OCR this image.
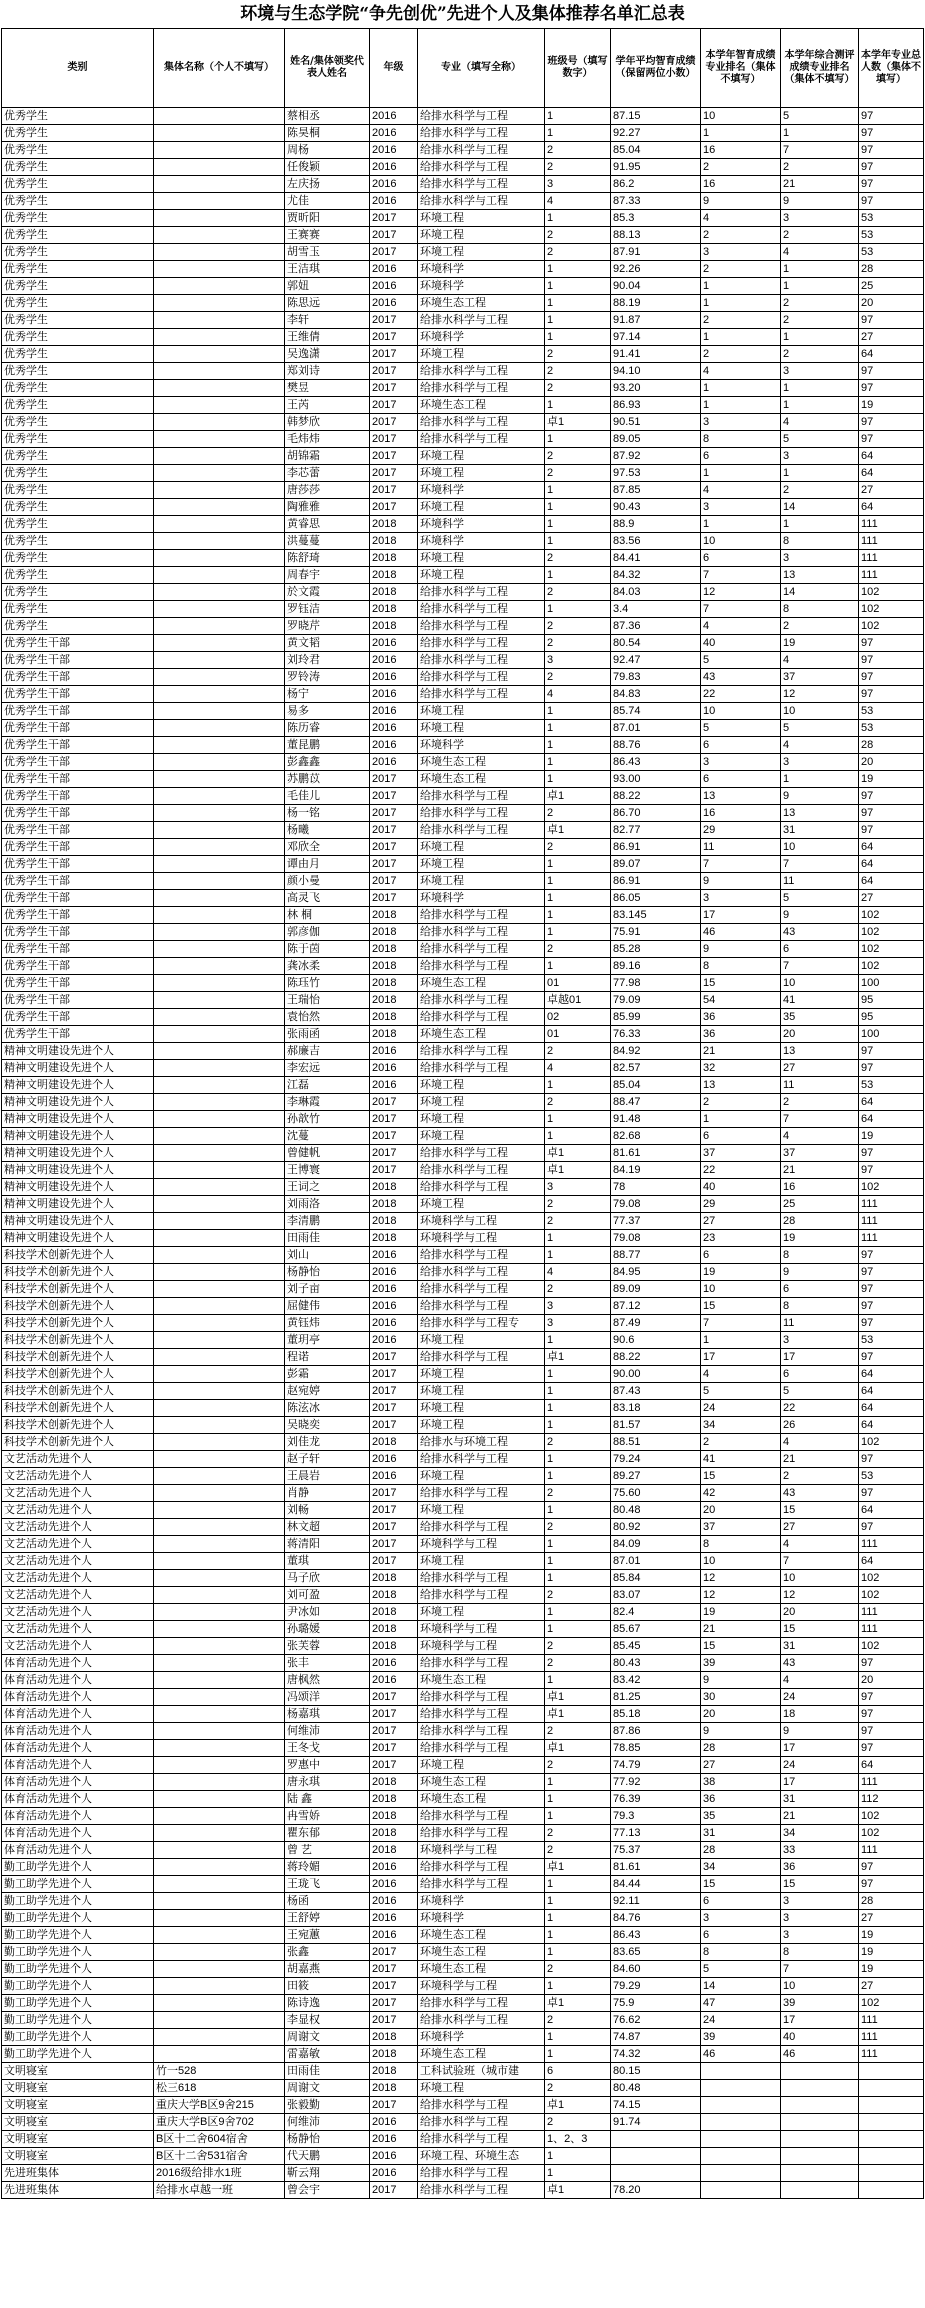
环境与生态学院“争先创优”先进个人及集体推荐名单汇总表
类别	集体名称（个人不填写）	姓名/集体领奖代表人姓名	年级	专业（填写全称）	班级号（填写数字）	学年平均智育成绩（保留两位小数）	本学年智育成绩专业排名（集体不填写）	本学年综合测评成绩专业排名（集体不填写）	本学年专业总人数（集体不填写）
优秀学生		蔡相丞	2016	给排水科学与工程	1	87.15	10	5	97
优秀学生		陈昊桐	2016	给排水科学与工程	1	92.27	1	1	97
优秀学生		周杨	2016	给排水科学与工程	2	85.04	16	7	97
优秀学生		任俊颖	2016	给排水科学与工程	2	91.95	2	2	97
优秀学生		左庆扬	2016	给排水科学与工程	3	86.2	16	21	97
优秀学生		尤佳	2016	给排水科学与工程	4	87.33	9	9	97
优秀学生		贾昕阳	2017	环境工程	1	85.3	4	3	53
优秀学生		王赛赛	2017	环境工程	2	88.13	2	2	53
优秀学生		胡雪玉	2017	环境工程	2	87.91	3	4	53
优秀学生		王洁琪	2016	环境科学	1	92.26	2	1	28
优秀学生		郭妞	2016	环境科学	1	90.04	1	1	25
优秀学生		陈思远	2016	环境生态工程	1	88.19	1	2	20
优秀学生		李轩	2017	给排水科学与工程	1	91.87	2	2	97
优秀学生		王维倩	2017	环境科学	1	97.14	1	1	27
优秀学生		吴逸潇	2017	环境工程	2	91.41	2	2	64
优秀学生		郑刘诗	2017	给排水科学与工程	2	94.10	4	3	97
优秀学生		樊昱	2017	给排水科学与工程	2	93.20	1	1	97
优秀学生		王芮	2017	环境生态工程	1	86.93	1	1	19
优秀学生		韩梦欣	2017	给排水科学与工程	卓1	90.51	3	4	97
优秀学生		毛炜炜	2017	给排水科学与工程	1	89.05	8	5	97
优秀学生		胡锦霜	2017	环境工程	2	87.92	6	3	64
优秀学生		李芯蕾	2017	环境工程	2	97.53	1	1	64
优秀学生		唐莎莎	2017	环境科学	1	87.85	4	2	27
优秀学生		陶雅雅	2017	环境工程	1	90.43	3	14	64
优秀学生		黄睿思	2018	环境科学	1	88.9	1	1	111
优秀学生		洪蔓蔓	2018	环境科学	1	83.56	10	8	111
优秀学生		陈舒琦	2018	环境工程	2	84.41	6	3	111
优秀学生		周春宇	2018	环境工程	1	84.32	7	13	111
优秀学生		於文霞	2018	给排水科学与工程	2	84.03	12	14	102
优秀学生		罗钰洁	2018	给排水科学与工程	1	3.4	7	8	102
优秀学生		罗晓芹	2018	给排水科学与工程	2	87.36	4	2	102
优秀学生干部		黄文韬	2016	给排水科学与工程	2	80.54	40	19	97
优秀学生干部		刘玲君	2016	给排水科学与工程	3	92.47	5	4	97
优秀学生干部		罗铃涛	2016	给排水科学与工程	2	79.83	43	37	97
优秀学生干部		杨宁	2016	给排水科学与工程	4	84.83	22	12	97
优秀学生干部		易多	2016	环境工程	1	85.74	10	10	53
优秀学生干部		陈历睿	2016	环境工程	1	87.01	5	5	53
优秀学生干部		董昆鹏	2016	环境科学	1	88.76	6	4	28
优秀学生干部		彭鑫鑫	2016	环境生态工程	1	86.43	3	3	20
优秀学生干部		苏鹏苡	2017	环境生态工程	1	93.00	6	1	19
优秀学生干部		毛佳儿	2017	给排水科学与工程	卓1	88.22	13	9	97
优秀学生干部		杨一铭	2017	给排水科学与工程	2	86.70	16	13	97
优秀学生干部		杨曦	2017	给排水科学与工程	卓1	82.77	29	31	97
优秀学生干部		邓欣全	2017	环境工程	2	86.91	11	10	64
优秀学生干部		谭由月	2017	环境工程	1	89.07	7	7	64
优秀学生干部		颜小曼	2017	环境工程	1	86.91	9	11	64
优秀学生干部		高灵飞	2017	环境科学	1	86.05	3	5	27
优秀学生干部		林 桐	2018	给排水科学与工程	1	83.145	17	9	102
优秀学生干部		郭彦伽	2018	给排水科学与工程	1	75.91	46	43	102
优秀学生干部		陈于茵	2018	给排水科学与工程	2	85.28	9	6	102
优秀学生干部		龚冰柔	2018	给排水科学与工程	1	89.16	8	7	102
优秀学生干部		陈珏竹	2018	环境生态工程	01	77.98	15	10	100
优秀学生干部		王瑞怡	2018	给排水科学与工程	卓越01	79.09	54	41	95
优秀学生干部		袁怡然	2018	给排水科学与工程	02	85.99	36	35	95
优秀学生干部		张雨函	2018	环境生态工程	01	76.33	36	20	100
精神文明建设先进个人		郝廉吉	2016	给排水科学与工程	2	84.92	21	13	97
精神文明建设先进个人		李宏远	2016	给排水科学与工程	4	82.57	32	27	97
精神文明建设先进个人		江磊	2016	环境工程	1	85.04	13	11	53
精神文明建设先进个人		李琳霞	2017	环境工程	2	88.47	2	2	64
精神文明建设先进个人		孙歆竹	2017	环境工程	1	91.48	1	7	64
精神文明建设先进个人		沈蔓	2017	环境工程	1	82.68	6	4	19
精神文明建设先进个人		曾健帆	2017	给排水科学与工程	卓1	81.61	37	37	97
精神文明建设先进个人		王博寰	2017	给排水科学与工程	卓1	84.19	22	21	97
精神文明建设先进个人		王词之	2018	给排水科学与工程	3	78	40	16	102
精神文明建设先进个人		刘雨洛	2018	环境工程	2	79.08	29	25	111
精神文明建设先进个人		李清鹏	2018	环境科学与工程	2	77.37	27	28	111
精神文明建设先进个人		田雨佳	2018	环境科学与工程	1	79.08	23	19	111
科技学术创新先进个人		刘山	2016	给排水科学与工程	1	88.77	6	8	97
科技学术创新先进个人		杨静怡	2016	给排水科学与工程	4	84.95	19	9	97
科技学术创新先进个人		刘子亩	2016	给排水科学与工程	2	89.09	10	6	97
科技学术创新先进个人		屈健伟	2016	给排水科学与工程	3	87.12	15	8	97
科技学术创新先进个人		黄钰炜	2016	给排水科学与工程专	3	87.49	7	11	97
科技学术创新先进个人		董玥亭	2016	环境工程	1	90.6	1	3	53
科技学术创新先进个人		程诺	2017	给排水科学与工程	卓1	88.22	17	17	97
科技学术创新先进个人		彭霜	2017	环境工程	1	90.00	4	6	64
科技学术创新先进个人		赵宛婷	2017	环境工程	1	87.43	5	5	64
科技学术创新先进个人		陈泫冰	2017	环境工程	1	83.18	24	22	64
科技学术创新先进个人		吴晓奕	2017	环境工程	1	81.57	34	26	64
科技学术创新先进个人		刘佳龙	2018	给排水与环境工程	2	88.51	2	4	102
文艺活动先进个人		赵子轩	2016	给排水科学与工程	1	79.24	41	21	97
文艺活动先进个人		王晨岩	2016	环境工程	1	89.27	15	2	53
文艺活动先进个人		肖静	2017	给排水科学与工程	2	75.60	42	43	97
文艺活动先进个人		刘畅	2017	环境工程	1	80.48	20	15	64
文艺活动先进个人		林文超	2017	给排水科学与工程	2	80.92	37	27	97
文艺活动先进个人		蒋清阳	2017	环境科学与工程	1	84.09	8	4	111
文艺活动先进个人		董琪	2017	环境工程	1	87.01	10	7	64
文艺活动先进个人		马子欣	2018	给排水科学与工程	1	85.84	12	10	102
文艺活动先进个人		刘可盈	2018	给排水科学与工程	2	83.07	12	12	102
文艺活动先进个人		尹冰如	2018	环境工程	1	82.4	19	20	111
文艺活动先进个人		孙璐媛	2018	环境科学与工程	1	85.67	21	15	111
文艺活动先进个人		张芙蓉	2018	环境科学与工程	2	85.45	15	31	102
体育活动先进个人		张丰	2016	给排水科学与工程	2	80.43	39	43	97
体育活动先进个人		唐枫然	2016	环境生态工程	1	83.42	9	4	20
体育活动先进个人		冯颂洋	2017	给排水科学与工程	卓1	81.25	30	24	97
体育活动先进个人		杨嘉琪	2017	给排水科学与工程	卓1	85.18	20	18	97
体育活动先进个人		何维沛	2017	给排水科学与工程	2	87.86	9	9	97
体育活动先进个人		王冬戈	2017	给排水科学与工程	卓1	78.85	28	17	97
体育活动先进个人		罗惠中	2017	环境工程	2	74.79	27	24	64
体育活动先进个人		唐永琪	2018	环境生态工程	1	77.92	38	17	111
体育活动先进个人		陆 鑫	2018	环境生态工程	1	76.39	36	31	112
体育活动先进个人		冉雪娇	2018	给排水科学与工程	1	79.3	35	21	102
体育活动先进个人		瞿东郁	2018	给排水科学与工程	2	77.13	31	34	102
体育活动先进个人		曾 艺	2018	环境科学与工程	2	75.37	28	33	111
勤工助学先进个人		蒋玲媚	2016	给排水科学与工程	卓1	81.61	34	36	97
勤工助学先进个人		王珑飞	2016	给排水科学与工程	1	84.44	15	15	97
勤工助学先进个人		杨函	2016	环境科学	1	92.11	6	3	28
勤工助学先进个人		王舒婷	2016	环境科学	1	84.76	3	3	27
勤工助学先进个人		王宛蕙	2016	环境生态工程	1	86.43	6	3	19
勤工助学先进个人		张鑫	2017	环境生态工程	1	83.65	8	8	19
勤工助学先进个人		胡嘉燕	2017	环境生态工程	2	84.60	5	7	19
勤工助学先进个人		田筱	2017	环境科学与工程	1	79.29	14	10	27
勤工助学先进个人		陈诗逸	2017	给排水科学与工程	卓1	75.9	47	39	102
勤工助学先进个人		李显权	2017	给排水科学与工程	2	76.62	24	17	111
勤工助学先进个人		周谢文	2018	环境科学	1	74.87	39	40	111
勤工助学先进个人		雷嘉敏	2018	环境生态工程	1	74.32	46	46	111
文明寝室	竹一528	田雨佳	2018	工科试验班（城市建	6	80.15			
文明寝室	松三618	周谢文	2018	环境工程	2	80.48			
文明寝室	重庆大学B区9舍215	张毅勤	2017	给排水科学与工程	卓1	74.15			
文明寝室	重庆大学B区9舍702	何维沛	2016	给排水科学与工程	2	91.74			
文明寝室	B区十二舍604宿舍	杨静怡	2016	给排水科学与工程	1、2、3				
文明寝室	B区十二舍531宿舍	代天鹏	2016	环境工程、环境生态	1				
先进班集体	2016级给排水1班	靳云翔	2016	给排水科学与工程	1				
先进班集体	给排水卓越一班	曾会宇	2017	给排水科学与工程	卓1	78.20			
